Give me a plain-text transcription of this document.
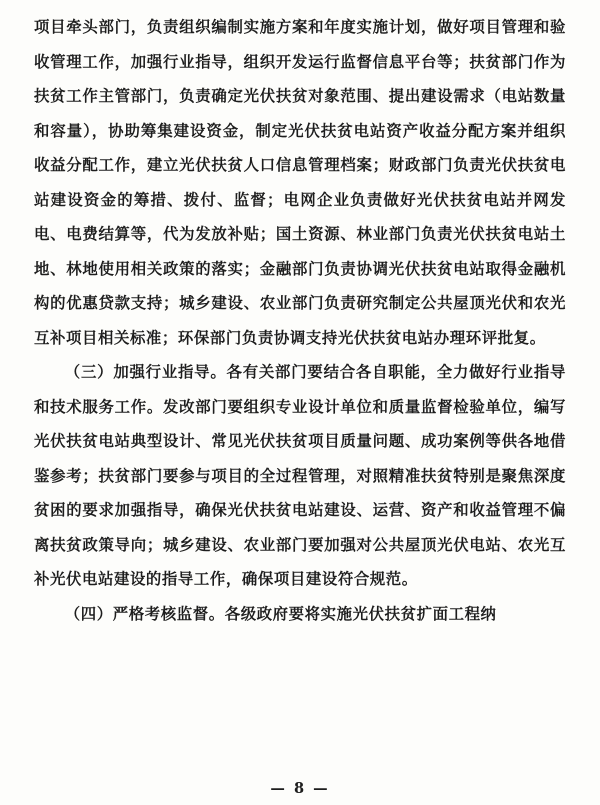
项目牵头部门，负责组织编制实施方案和年度实施计划，做好项目管理和验收管理工作，加强行业指导，组织开发运行监督信息平台等；扶贫部门作为扶贫工作主管部门，负责确定光伏扶贫对象范围、提出建设需求（电站数量和容量），协助筹集建设资金，制定光伏扶贫电站资产收益分配方案并组织收益分配工作，建立光伏扶贫人口信息管理档案；财政部门负责光伏扶贫电站建设资金的筹措、拨付、监督；电网企业负责做好光伏扶贫电站并网发电、电费结算等，代为发放补贴；国土资源、林业部门负责光伏扶贫电站土地、林地使用相关政策的落实；金融部门负责协调光伏扶贫电站取得金融机构的优惠贷款支持；城乡建设、农业部门负责研究制定公共屋顶光伏和农光互补项目相关标准；环保部门负责协调支持光伏扶贫电站办理环评批复。

（三）加强行业指导。各有关部门要结合各自职能，全力做好行业指导和技术服务工作。发改部门要组织专业设计单位和质量监督检验单位，编写光伏扶贫电站典型设计、常见光伏扶贫项目质量问题、成功案例等供各地借鉴参考；扶贫部门要参与项目的全过程管理，对照精准扶贫特别是聚焦深度贫困的要求加强指导，确保光伏扶贫电站建设、运营、资产和收益管理不偏离扶贫政策导向；城乡建设、农业部门要加强对公共屋顶光伏电站、农光互补光伏电站建设的指导工作，确保项目建设符合规范。

（四）严格考核监督。各级政府要将实施光伏扶贫扩面工程纳

— 8 —
